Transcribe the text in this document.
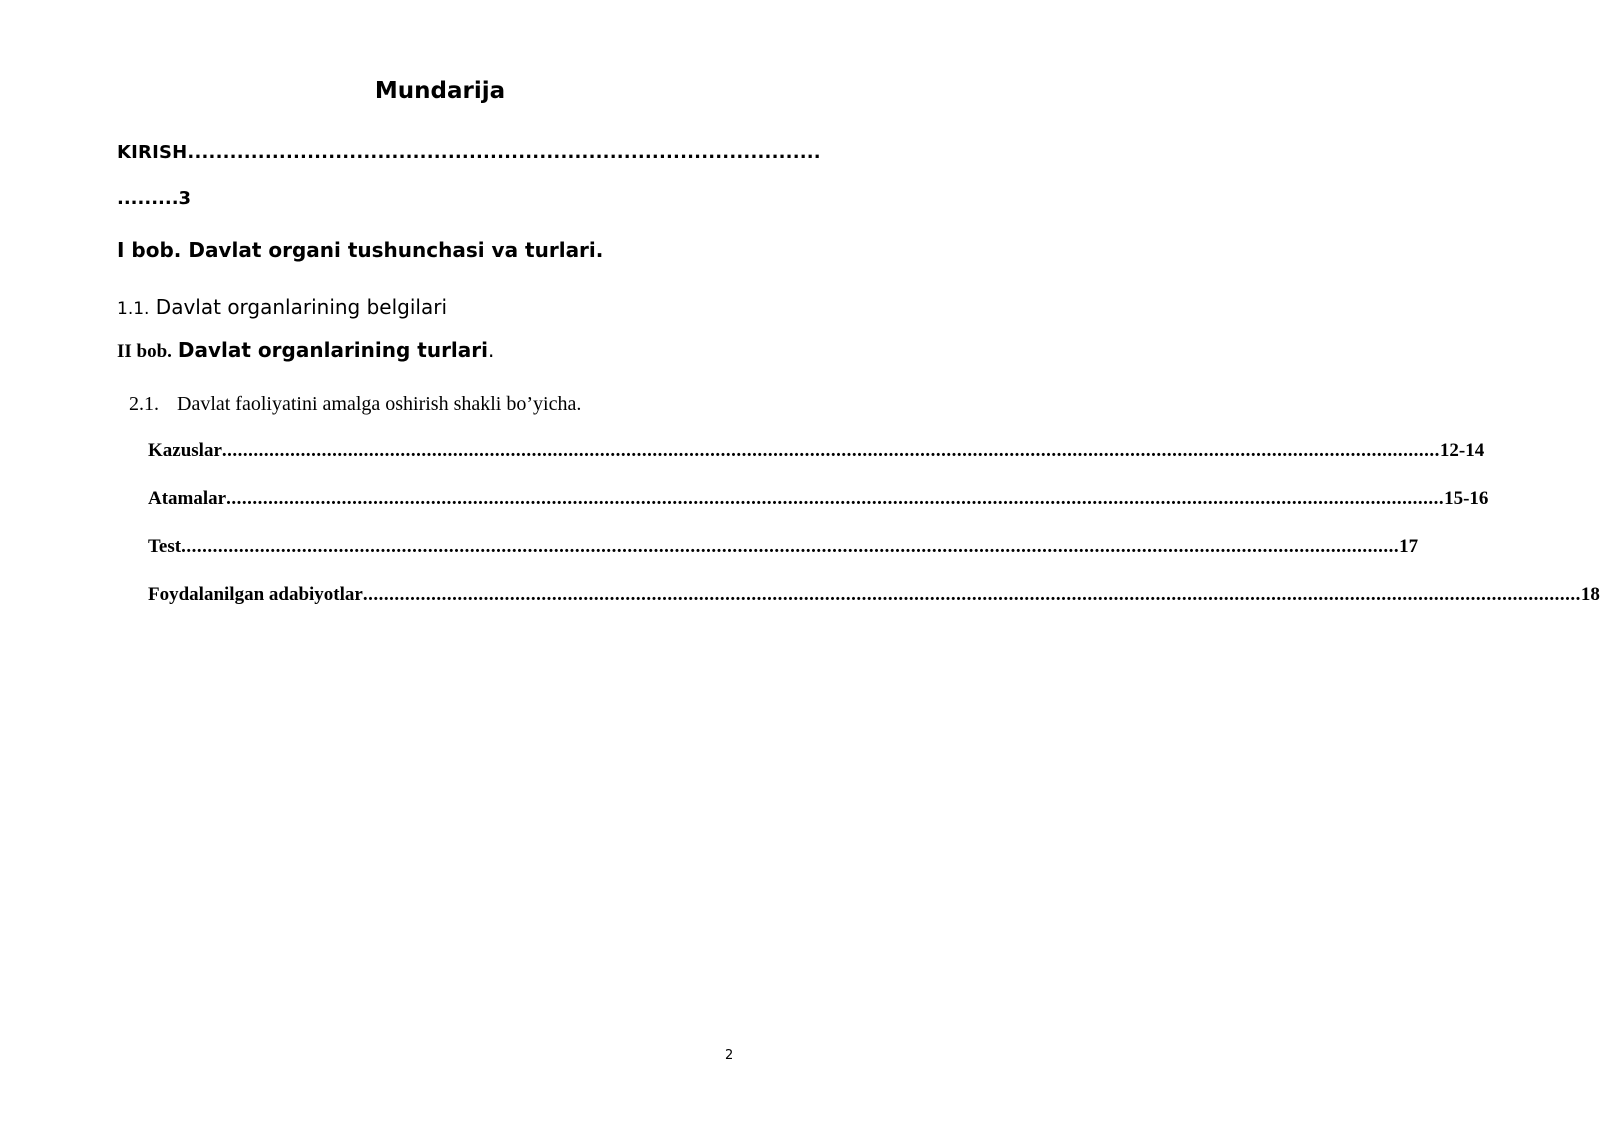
Mundarija
KIRISH..........................................................................................
.........3
I bob. Davlat organi tushunchasi va turlari.
1.1. Davlat organlarining belgilari
II bob. Davlat organlarining turlari.
2.1. Davlat faoliyatini amalga oshirish shakli bo’yicha.
Kazuslar .....	12-14
Atamalar .....	15-16
Test .....	17
Foydalanilgan adabiyotlar .....	18
2
